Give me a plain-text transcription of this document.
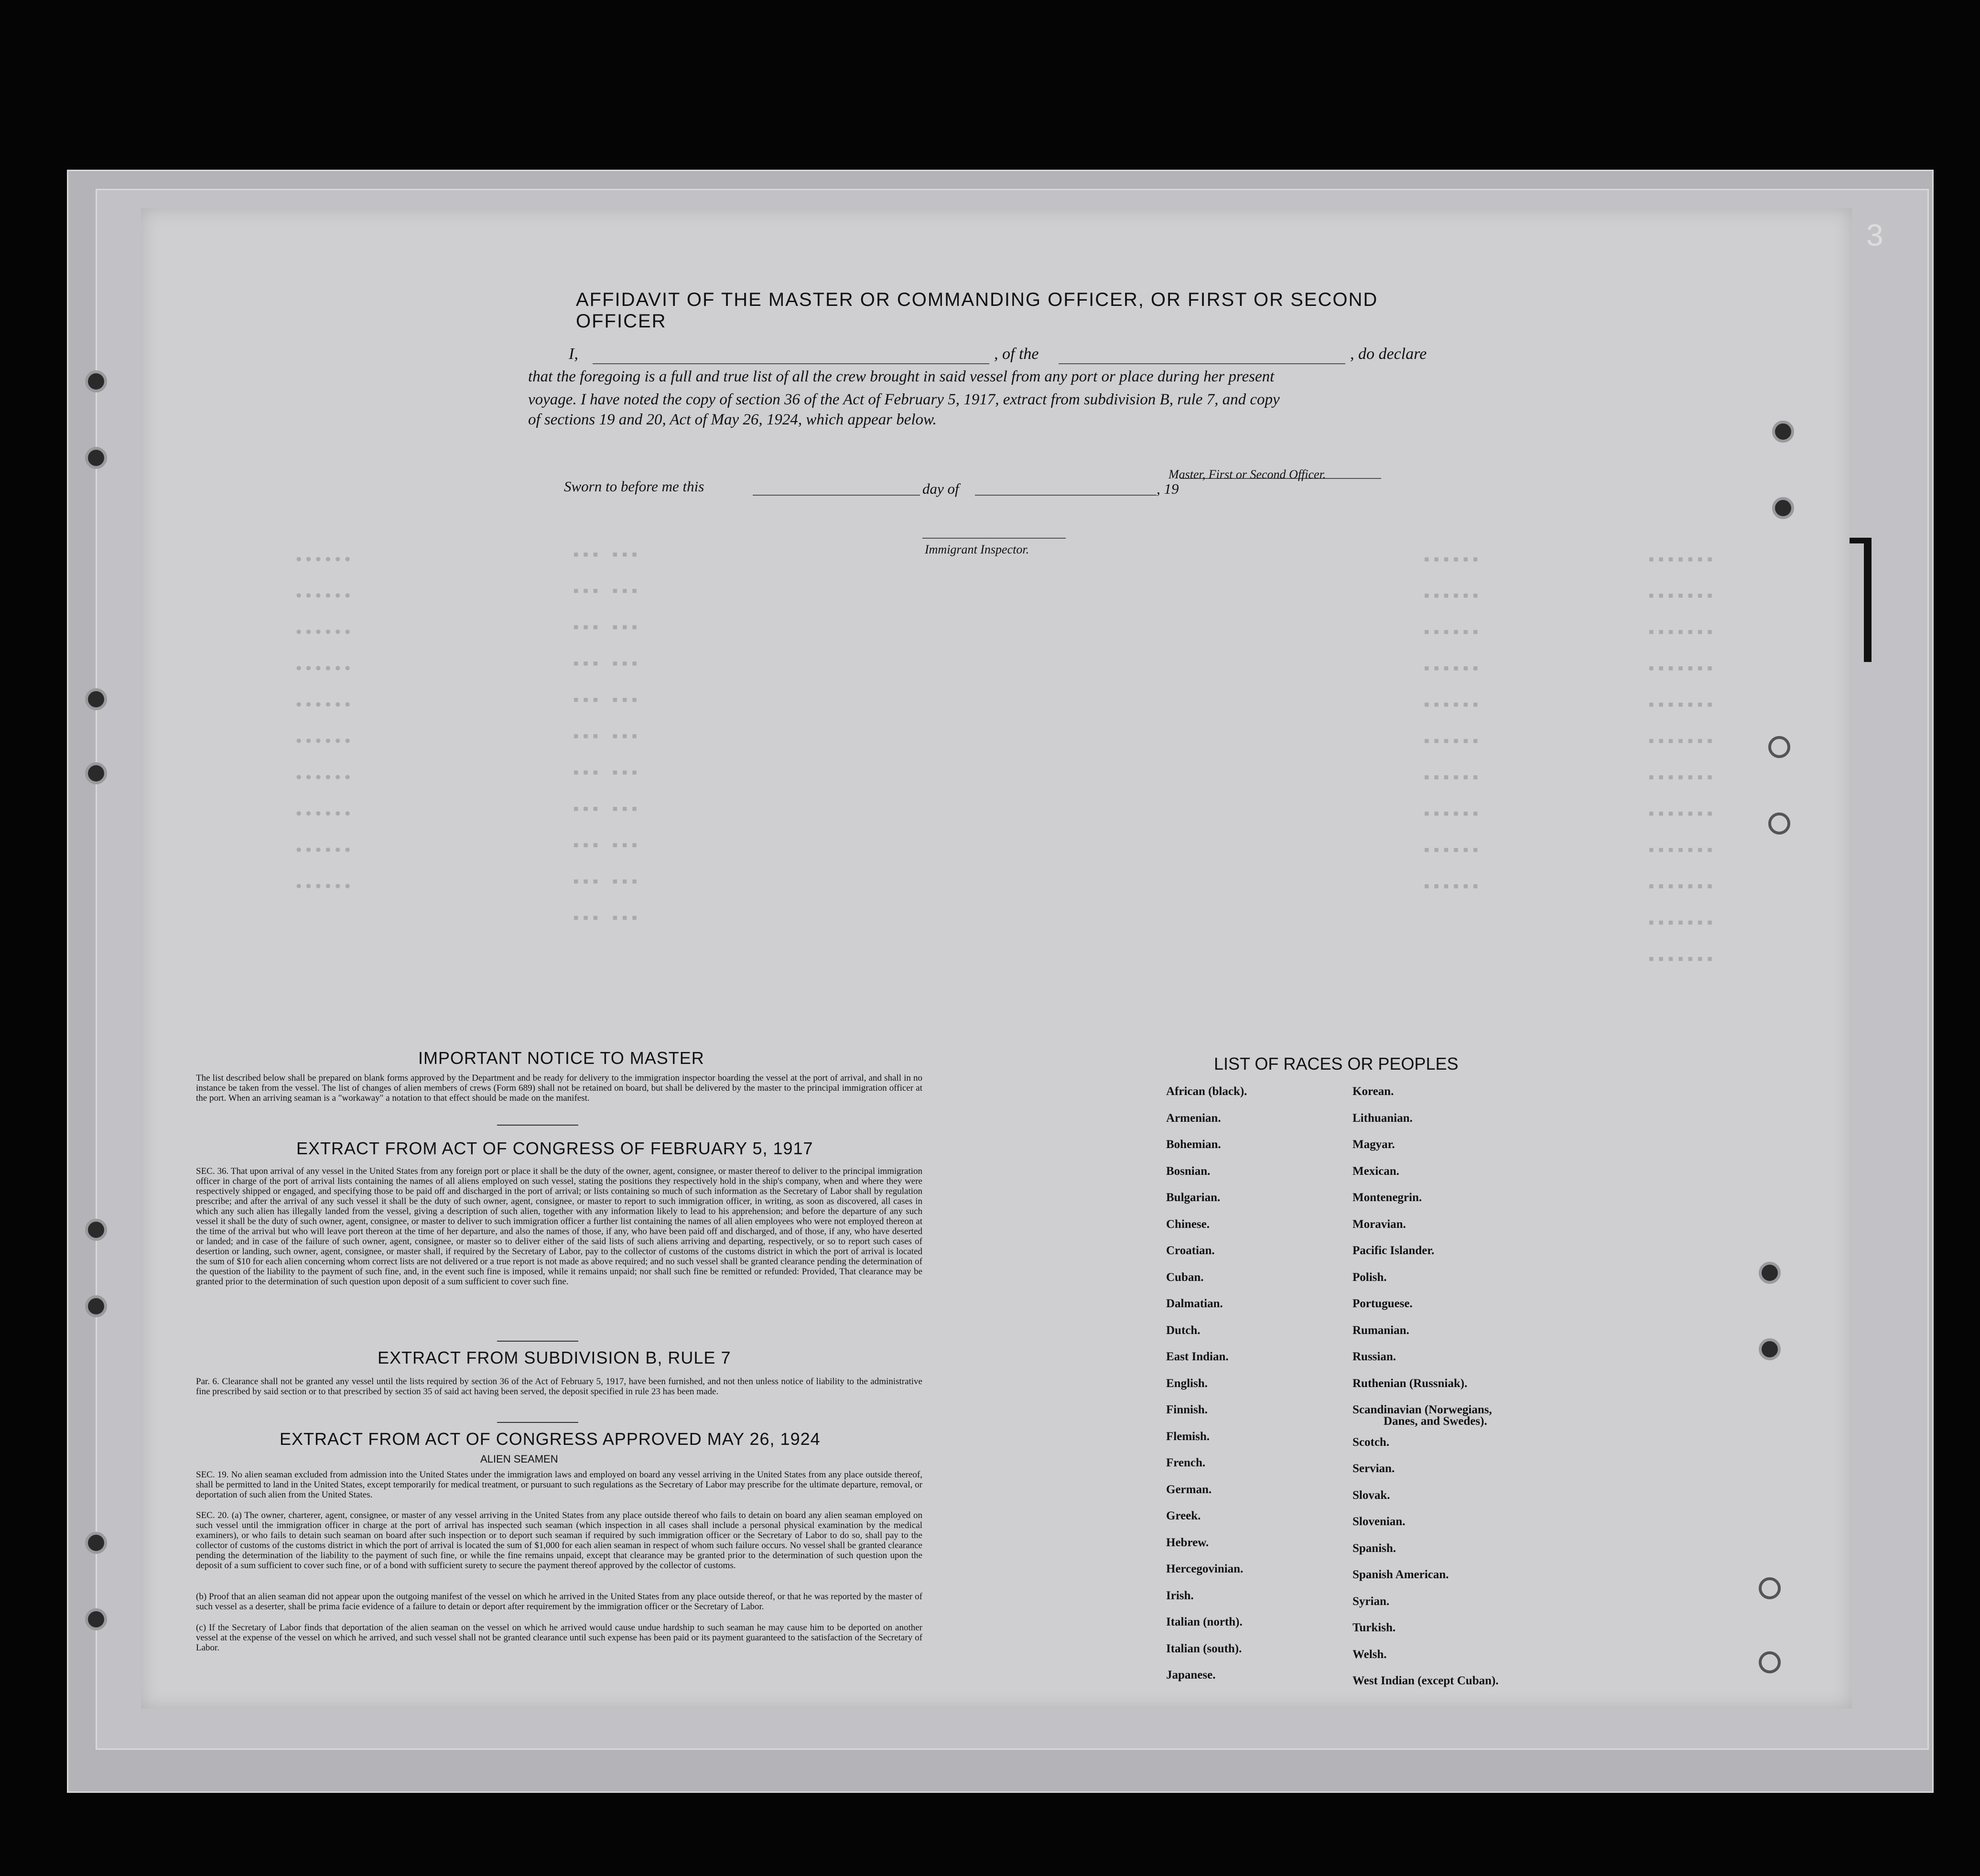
3
••••••
••••••
••••••
••••••
••••••
••••••
••••••
••••••
••••••
••••••
▪▪▪ ▪▪▪
▪▪▪ ▪▪▪
▪▪▪ ▪▪▪
▪▪▪ ▪▪▪
▪▪▪ ▪▪▪
▪▪▪ ▪▪▪
▪▪▪ ▪▪▪
▪▪▪ ▪▪▪
▪▪▪ ▪▪▪
▪▪▪ ▪▪▪
▪▪▪ ▪▪▪
▪▪▪▪▪▪
▪▪▪▪▪▪
▪▪▪▪▪▪
▪▪▪▪▪▪
▪▪▪▪▪▪
▪▪▪▪▪▪
▪▪▪▪▪▪
▪▪▪▪▪▪
▪▪▪▪▪▪
▪▪▪▪▪▪
▪▪▪▪▪▪▪
▪▪▪▪▪▪▪
▪▪▪▪▪▪▪
▪▪▪▪▪▪▪
▪▪▪▪▪▪▪
▪▪▪▪▪▪▪
▪▪▪▪▪▪▪
▪▪▪▪▪▪▪
▪▪▪▪▪▪▪
▪▪▪▪▪▪▪
▪▪▪▪▪▪▪
▪▪▪▪▪▪▪
AFFIDAVIT OF THE MASTER OR COMMANDING OFFICER, OR FIRST OR SECOND OFFICER
I,	, of the	, do declare
that the foregoing is a full and true list of all the crew brought in said vessel from any port or place during her present
voyage. I have noted the copy of section 36 of the Act of February 5, 1917, extract from subdivision B, rule 7, and copy
of sections 19 and 20, Act of May 26, 1924, which appear below.
Sworn to before me this	day of	, 19
Master, First or Second Officer.
Immigrant Inspector.
IMPORTANT NOTICE TO MASTER
The list described below shall be prepared on blank forms approved by the Department and be ready for delivery to the immigration inspector boarding the vessel at the port of arrival, and shall in no instance be taken from the vessel. The list of changes of alien members of crews (Form 689) shall not be retained on board, but shall be delivered by the master to the principal immigration officer at the port. When an arriving seaman is a "workaway" a notation to that effect should be made on the manifest.
EXTRACT FROM ACT OF CONGRESS OF FEBRUARY 5, 1917
SEC. 36. That upon arrival of any vessel in the United States from any foreign port or place it shall be the duty of the owner, agent, consignee, or master thereof to deliver to the principal immigration officer in charge of the port of arrival lists containing the names of all aliens employed on such vessel, stating the positions they respectively hold in the ship's company, when and where they were respectively shipped or engaged, and specifying those to be paid off and discharged in the port of arrival; or lists containing so much of such information as the Secretary of Labor shall by regulation prescribe; and after the arrival of any such vessel it shall be the duty of such owner, agent, consignee, or master to report to such immigration officer, in writing, as soon as discovered, all cases in which any such alien has illegally landed from the vessel, giving a description of such alien, together with any information likely to lead to his apprehension; and before the departure of any such vessel it shall be the duty of such owner, agent, consignee, or master to deliver to such immigration officer a further list containing the names of all alien employees who were not employed thereon at the time of the arrival but who will leave port thereon at the time of her departure, and also the names of those, if any, who have been paid off and discharged, and of those, if any, who have deserted or landed; and in case of the failure of such owner, agent, consignee, or master so to deliver either of the said lists of such aliens arriving and departing, respectively, or so to report such cases of desertion or landing, such owner, agent, consignee, or master shall, if required by the Secretary of Labor, pay to the collector of customs of the customs district in which the port of arrival is located the sum of $10 for each alien concerning whom correct lists are not delivered or a true report is not made as above required; and no such vessel shall be granted clearance pending the determination of the question of the liability to the payment of such fine, and, in the event such fine is imposed, while it remains unpaid; nor shall such fine be remitted or refunded: Provided, That clearance may be granted prior to the determination of such question upon deposit of a sum sufficient to cover such fine.
EXTRACT FROM SUBDIVISION B, RULE 7
Par. 6. Clearance shall not be granted any vessel until the lists required by section 36 of the Act of February 5, 1917, have been furnished, and not then unless notice of liability to the administrative fine prescribed by said section or to that prescribed by section 35 of said act having been served, the deposit specified in rule 23 has been made.
EXTRACT FROM ACT OF CONGRESS APPROVED MAY 26, 1924
ALIEN SEAMEN
SEC. 19. No alien seaman excluded from admission into the United States under the immigration laws and employed on board any vessel arriving in the United States from any place outside thereof, shall be permitted to land in the United States, except temporarily for medical treatment, or pursuant to such regulations as the Secretary of Labor may prescribe for the ultimate departure, removal, or deportation of such alien from the United States.
SEC. 20. (a) The owner, charterer, agent, consignee, or master of any vessel arriving in the United States from any place outside thereof who fails to detain on board any alien seaman employed on such vessel until the immigration officer in charge at the port of arrival has inspected such seaman (which inspection in all cases shall include a personal physical examination by the medical examiners), or who fails to detain such seaman on board after such inspection or to deport such seaman if required by such immigration officer or the Secretary of Labor to do so, shall pay to the collector of customs of the customs district in which the port of arrival is located the sum of $1,000 for each alien seaman in respect of whom such failure occurs. No vessel shall be granted clearance pending the determination of the liability to the payment of such fine, or while the fine remains unpaid, except that clearance may be granted prior to the determination of such question upon the deposit of a sum sufficient to cover such fine, or of a bond with sufficient surety to secure the payment thereof approved by the collector of customs.
(b) Proof that an alien seaman did not appear upon the outgoing manifest of the vessel on which he arrived in the United States from any place outside thereof, or that he was reported by the master of such vessel as a deserter, shall be prima facie evidence of a failure to detain or deport after requirement by the immigration officer or the Secretary of Labor.
(c) If the Secretary of Labor finds that deportation of the alien seaman on the vessel on which he arrived would cause undue hardship to such seaman he may cause him to be deported on another vessel at the expense of the vessel on which he arrived, and such vessel shall not be granted clearance until such expense has been paid or its payment guaranteed to the satisfaction of the Secretary of Labor.
LIST OF RACES OR PEOPLES
African (black).
Armenian.
Bohemian.
Bosnian.
Bulgarian.
Chinese.
Croatian.
Cuban.
Dalmatian.
Dutch.
East Indian.
English.
Finnish.
Flemish.
French.
German.
Greek.
Hebrew.
Hercegovinian.
Irish.
Italian (north).
Italian (south).
Japanese.
Korean.
Lithuanian.
Magyar.
Mexican.
Montenegrin.
Moravian.
Pacific Islander.
Polish.
Portuguese.
Rumanian.
Russian.
Ruthenian (Russniak).
Scandinavian (Norwegians,
Scotch.
Servian.
Slovak.
Slovenian.
Spanish.
Spanish American.
Syrian.
Turkish.
Welsh.
West Indian (except Cuban).
Danes, and Swedes).
